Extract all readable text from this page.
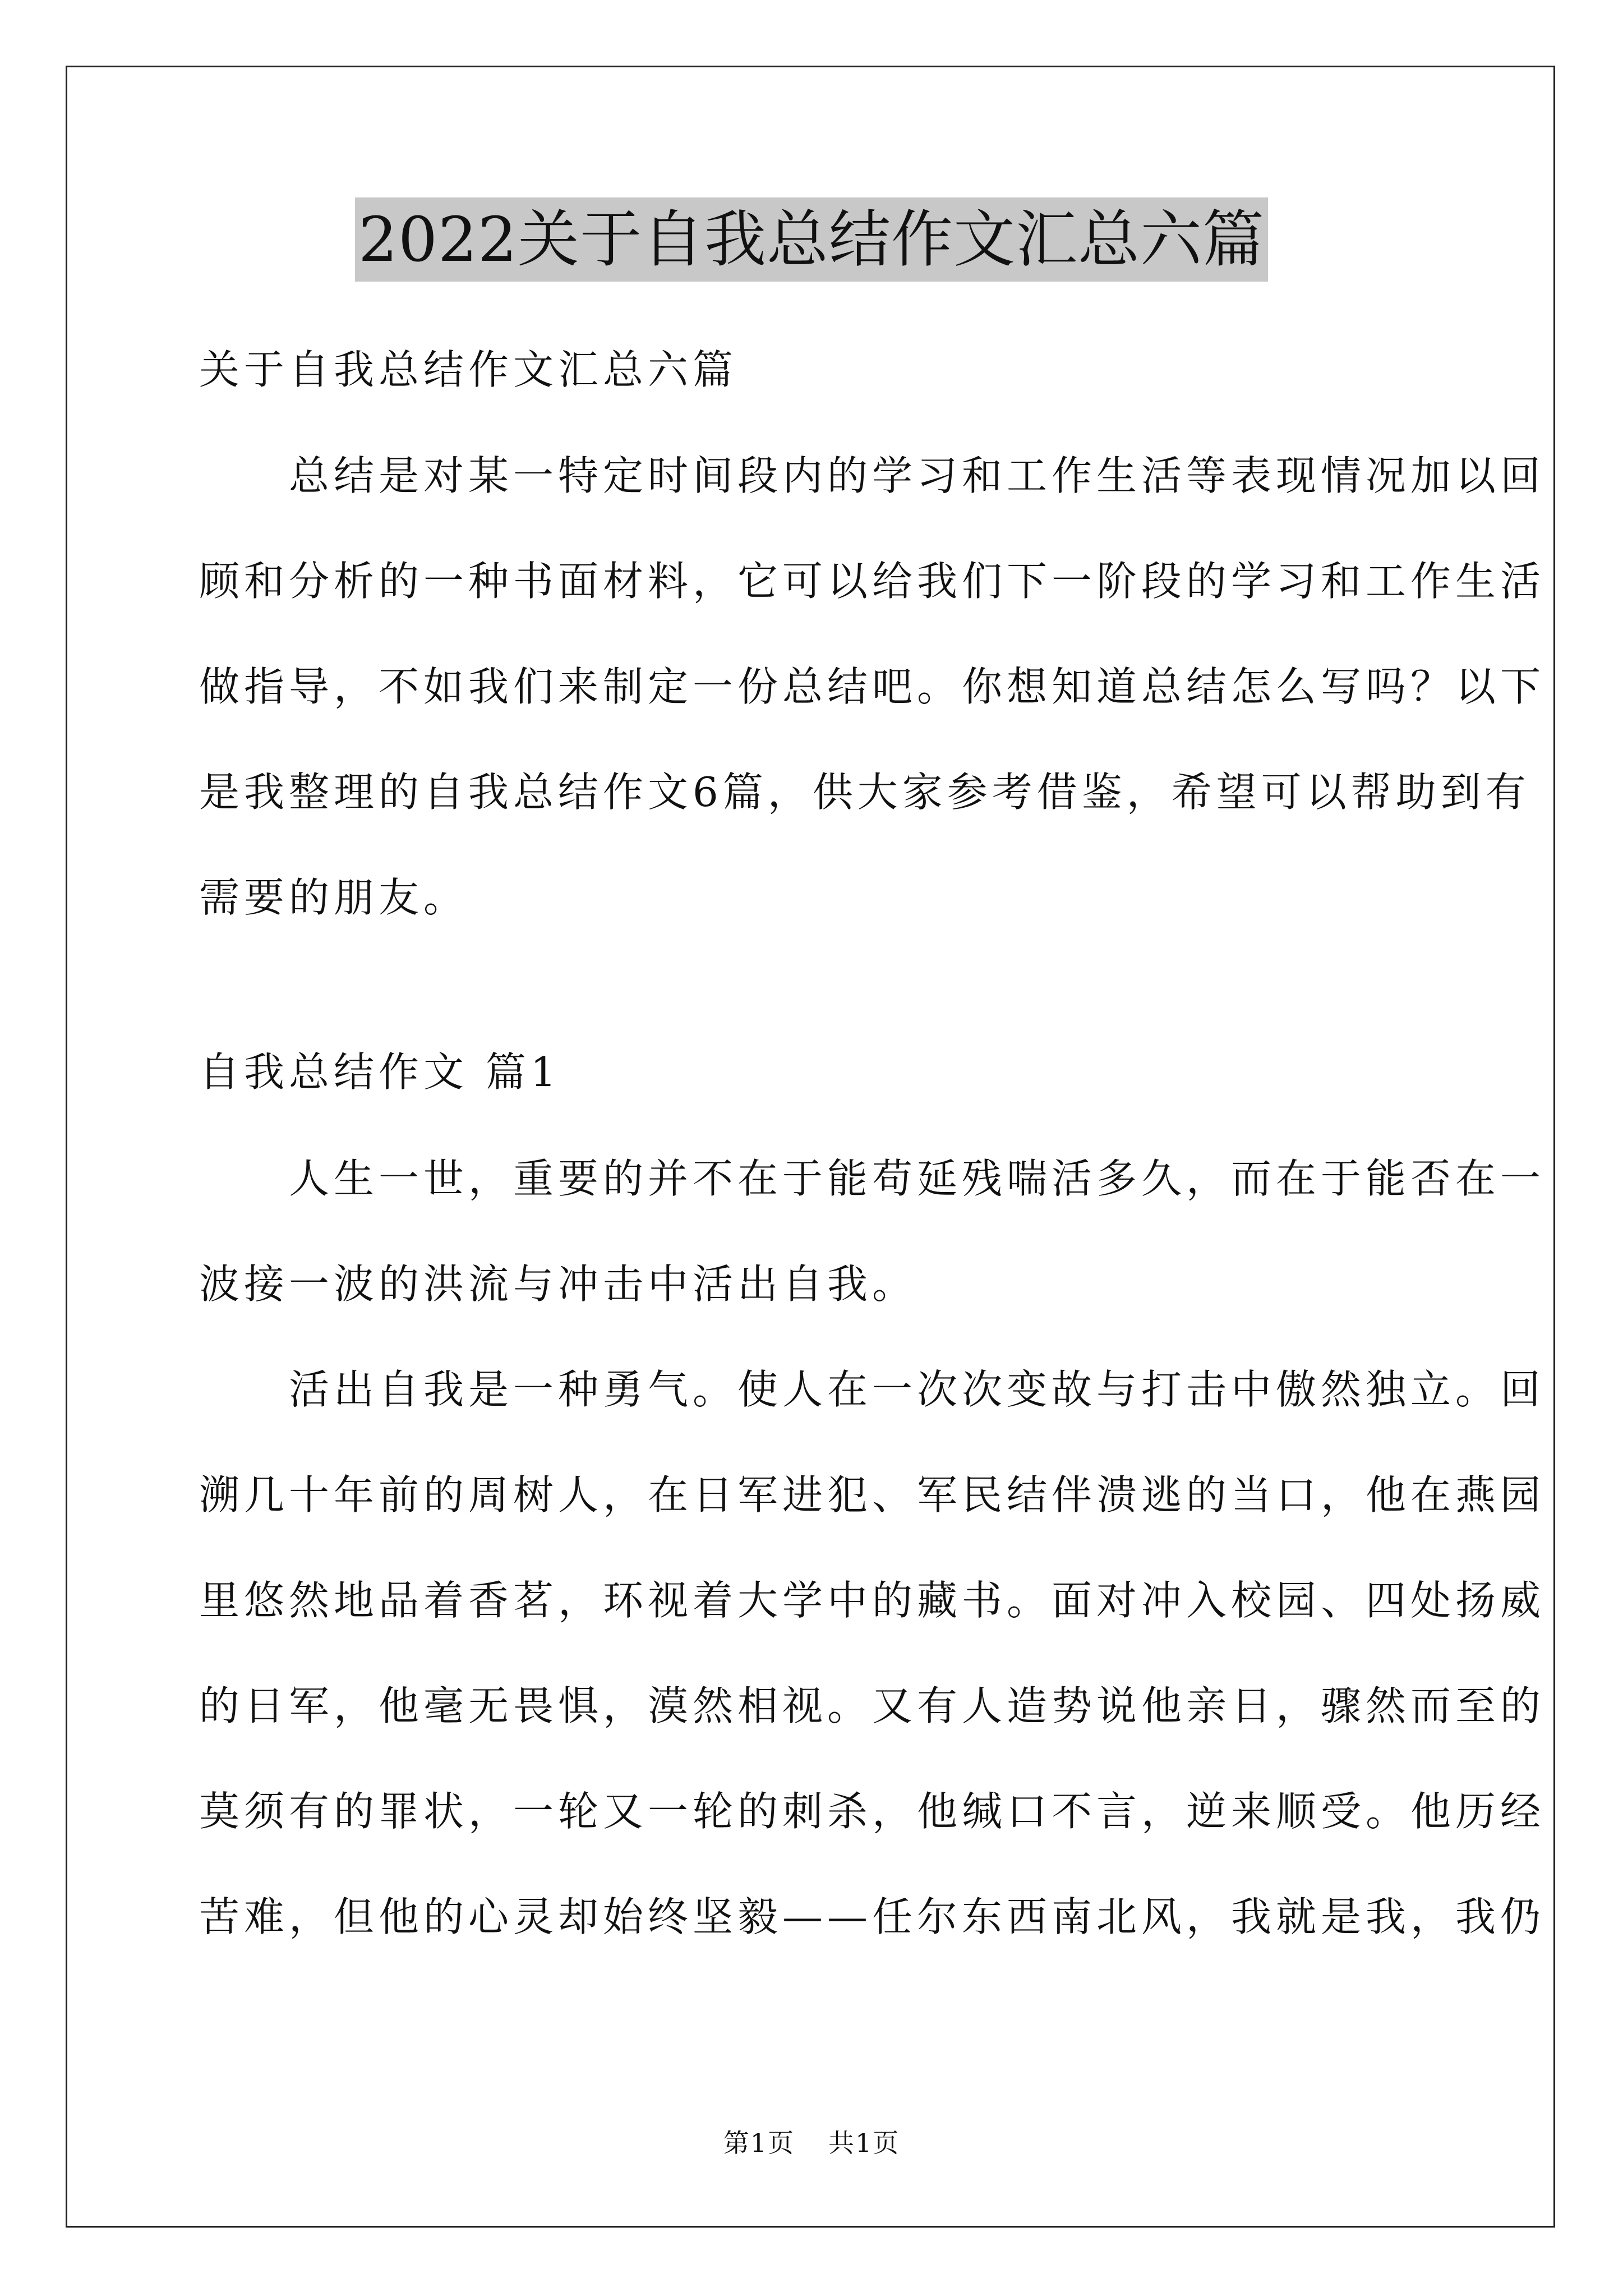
2022关于自我总结作文汇总六篇
关于自我总结作文汇总六篇
　　总结是对某一特定时间段内的学习和工作生活等表现情况加以回
顾和分析的一种书面材料，它可以给我们下一阶段的学习和工作生活
做指导，不如我们来制定一份总结吧。你想知道总结怎么写吗？以下
是我整理的自我总结作文6篇，供大家参考借鉴，希望可以帮助到有
需要的朋友。
自我总结作文 篇1
　　人生一世，重要的并不在于能苟延残喘活多久，而在于能否在一
波接一波的洪流与冲击中活出自我。
　　活出自我是一种勇气。使人在一次次变故与打击中傲然独立。回
溯几十年前的周树人，在日军进犯、军民结伴溃逃的当口，他在燕园
里悠然地品着香茗，环视着大学中的藏书。面对冲入校园、四处扬威
的日军，他毫无畏惧，漠然相视。又有人造势说他亲日，骤然而至的
莫须有的罪状，一轮又一轮的刺杀，他缄口不言，逆来顺受。他历经
苦难，但他的心灵却始终坚毅——任尔东西南北风，我就是我，我仍
第1页 共1页
